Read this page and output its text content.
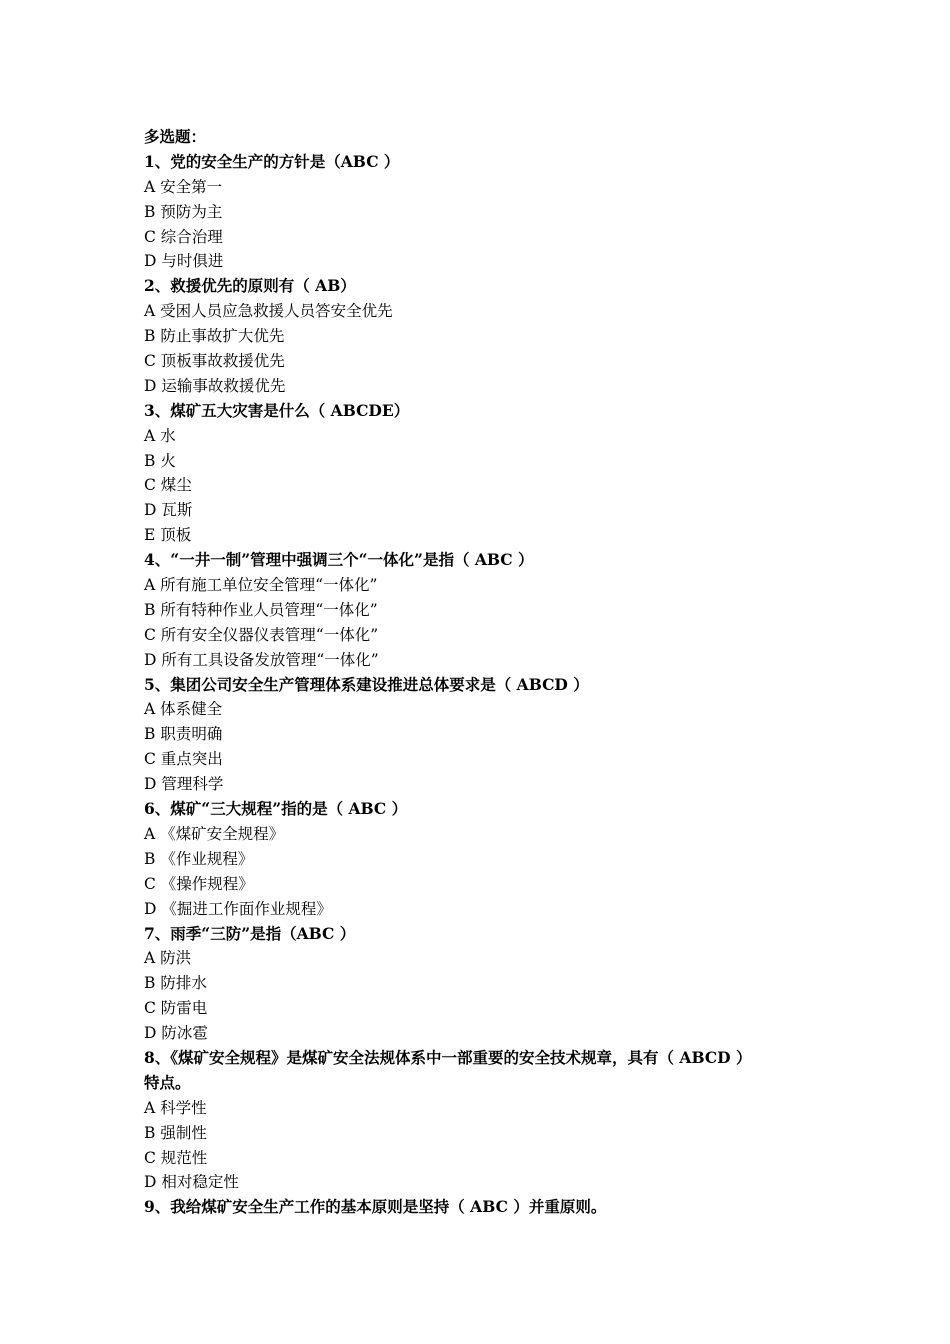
多选题：
1、党的安全生产的方针是（ABC ）
A 安全第一
B 预防为主
C 综合治理
D 与时俱进
2、救援优先的原则有（ AB）
A 受困人员应急救援人员答安全优先
B 防止事故扩大优先
C 顶板事故救援优先
D 运输事故救援优先
3、煤矿五大灾害是什么（ ABCDE）
A 水
B 火
C 煤尘
D 瓦斯
E 顶板
4、“一井一制”管理中强调三个“一体化”是指（ ABC ）
A 所有施工单位安全管理“一体化”
B 所有特种作业人员管理“一体化”
C 所有安全仪器仪表管理“一体化”
D 所有工具设备发放管理“一体化”
5、集团公司安全生产管理体系建设推进总体要求是（ ABCD ）
A 体系健全
B 职责明确
C 重点突出
D 管理科学
6、煤矿“三大规程”指的是（ ABC ）
A 《煤矿安全规程》
B 《作业规程》
C 《操作规程》
D 《掘进工作面作业规程》
7、雨季“三防”是指（ABC ）
A 防洪
B 防排水
C 防雷电
D 防冰雹
8、《煤矿安全规程》是煤矿安全法规体系中一部重要的安全技术规章，具有（ ABCD ）
特点。
A 科学性
B 强制性
C 规范性
D 相对稳定性
9、我给煤矿安全生产工作的基本原则是坚持（ ABC ）并重原则。
